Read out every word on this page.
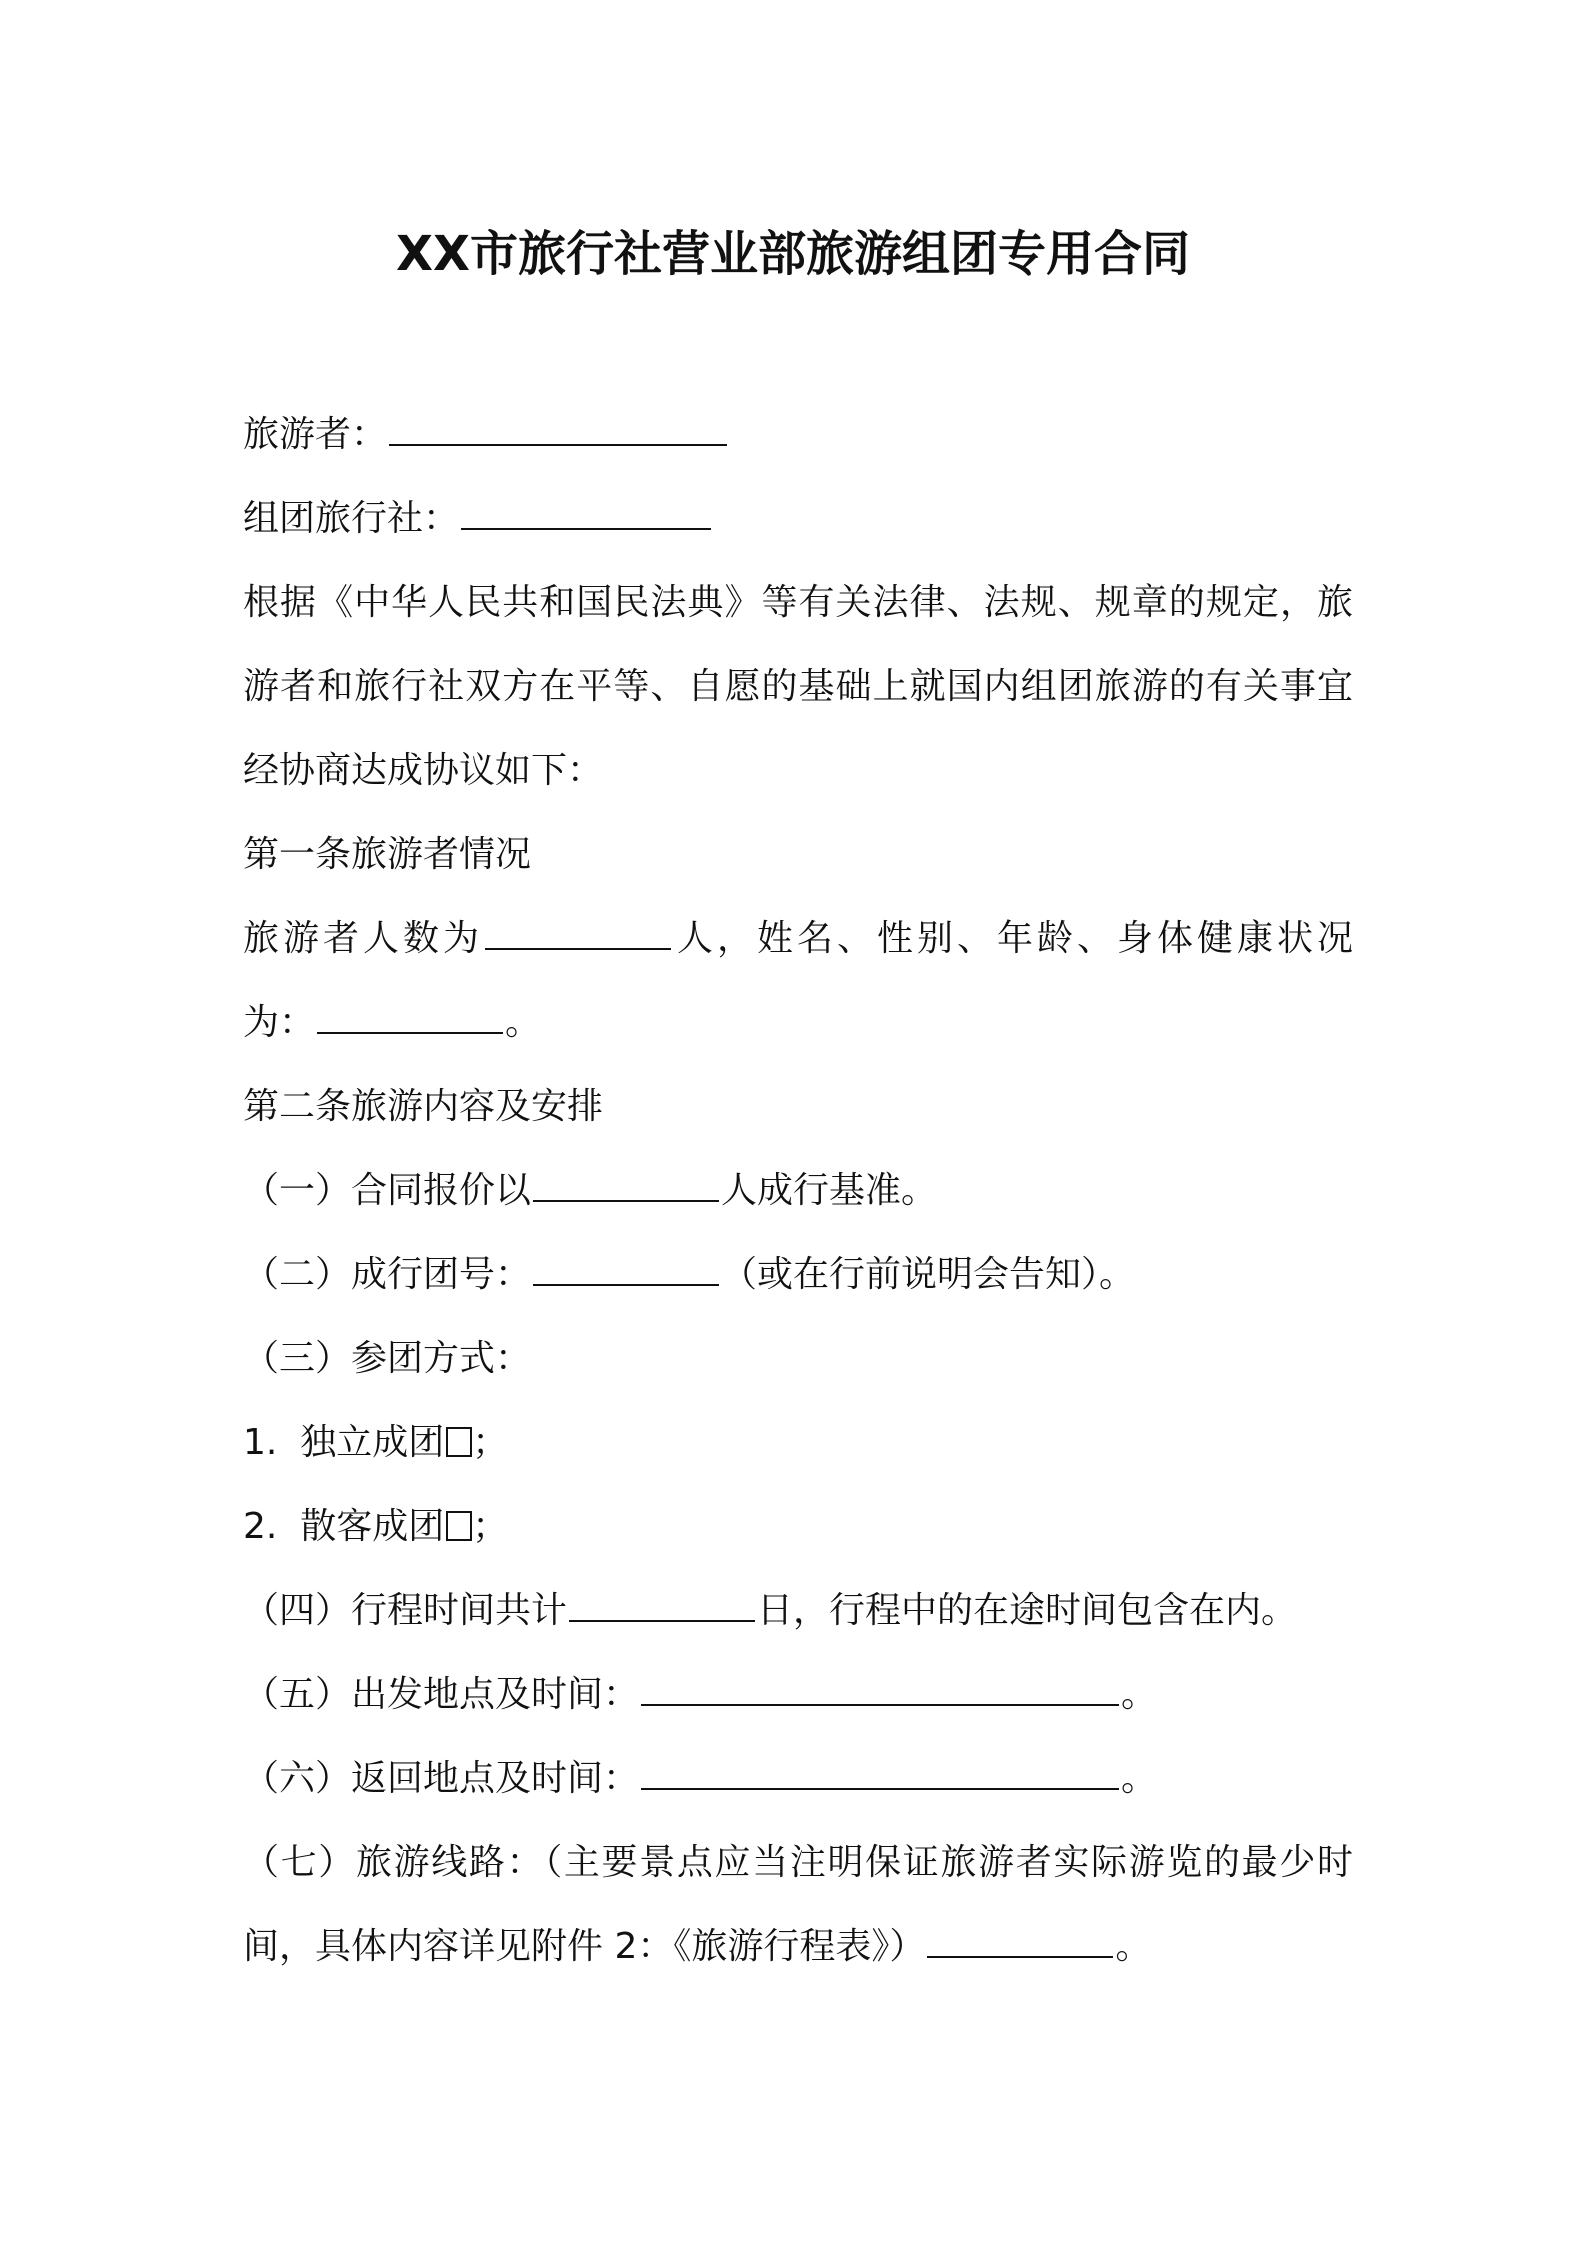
XX市旅行社营业部旅游组团专用合同
旅游者：
组团旅行社：
根据《中华人民共和国民法典》等有关法律、法规、规章的规定，旅
游者和旅行社双方在平等、自愿的基础上就国内组团旅游的有关事宜
经协商达成协议如下：
第一条旅游者情况
旅游者人数为	人，姓名、性别、年龄、身体健康状况
为：	。
第二条旅游内容及安排
（一）合同报价以	人成行基准。
（二）成行团号：	（或在行前说明会告知）。
（三）参团方式：
1. 独立成团 ；
2. 散客成团 ；
（四）行程时间共计	日，行程中的在途时间包含在内。
（五）出发地点及时间：	。
（六）返回地点及时间：	。
（七）旅游线路：（主要景点应当注明保证旅游者实际游览的最少时
间，具体内容详见附件 2：《旅游行程表》）	。
